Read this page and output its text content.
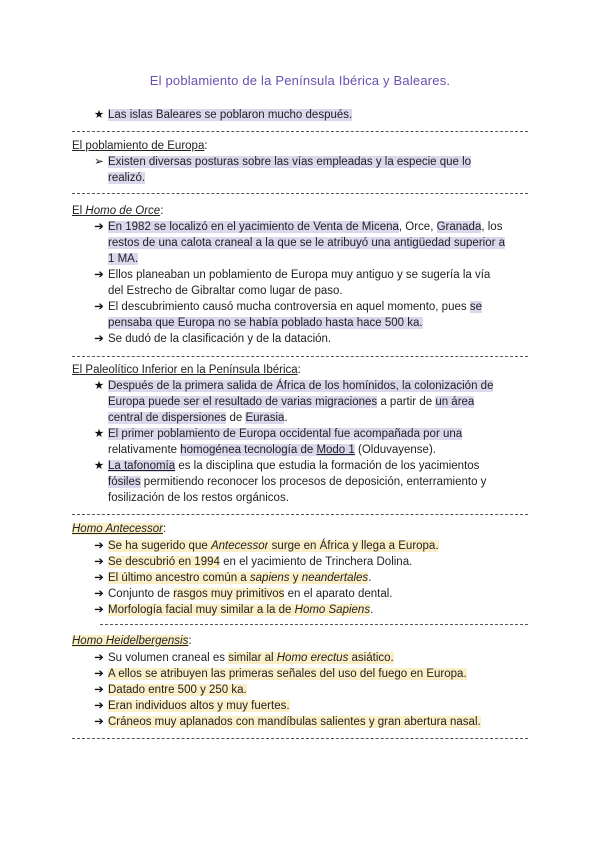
El poblamiento de la Península Ibérica y Baleares.
★ Las islas Baleares se poblaron mucho después.
El poblamiento de Europa:
➢ Existen diversas posturas sobre las vías empleadas y la especie que lo
realizó.
El Homo de Orce:
➔ En 1982 se localizó en el yacimiento de Venta de Micena, Orce, Granada, los
restos de una calota craneal a la que se le atribuyó una antigüedad superior a
1 MA.
➔ Ellos planeaban un poblamiento de Europa muy antiguo y se sugería la vía
del Estrecho de Gibraltar como lugar de paso.
➔ El descubrimiento causó mucha controversia en aquel momento, pues se
pensaba que Europa no se había poblado hasta hace 500 ka.
➔ Se dudó de la clasificación y de la datación.
El Paleolítico Inferior en la Península Ibérica:
★ Después de la primera salida de África de los homínidos, la colonización de
Europa puede ser el resultado de varias migraciones a partir de un área
central de dispersiones de Eurasia.
★ El primer poblamiento de Europa occidental fue acompañada por una
relativamente homogénea tecnología de Modo 1 (Olduvayense).
★ La tafonomía es la disciplina que estudia la formación de los yacimientos
fósiles permitiendo reconocer los procesos de deposición, enterramiento y
fosilización de los restos orgánicos.
Homo Antecessor:
➔ Se ha sugerido que Antecessor surge en África y llega a Europa.
➔ Se descubrió en 1994 en el yacimiento de Trinchera Dolina.
➔ El último ancestro común a sapiens y neandertales.
➔ Conjunto de rasgos muy primitivos en el aparato dental.
➔ Morfología facial muy similar a la de Homo Sapiens.
Homo Heidelbergensis:
➔ Su volumen craneal es similar al Homo erectus asiático.
➔ A ellos se atribuyen las primeras señales del uso del fuego en Europa.
➔ Datado entre 500 y 250 ka.
➔ Eran individuos altos y muy fuertes.
➔ Cráneos muy aplanados con mandíbulas salientes y gran abertura nasal.
